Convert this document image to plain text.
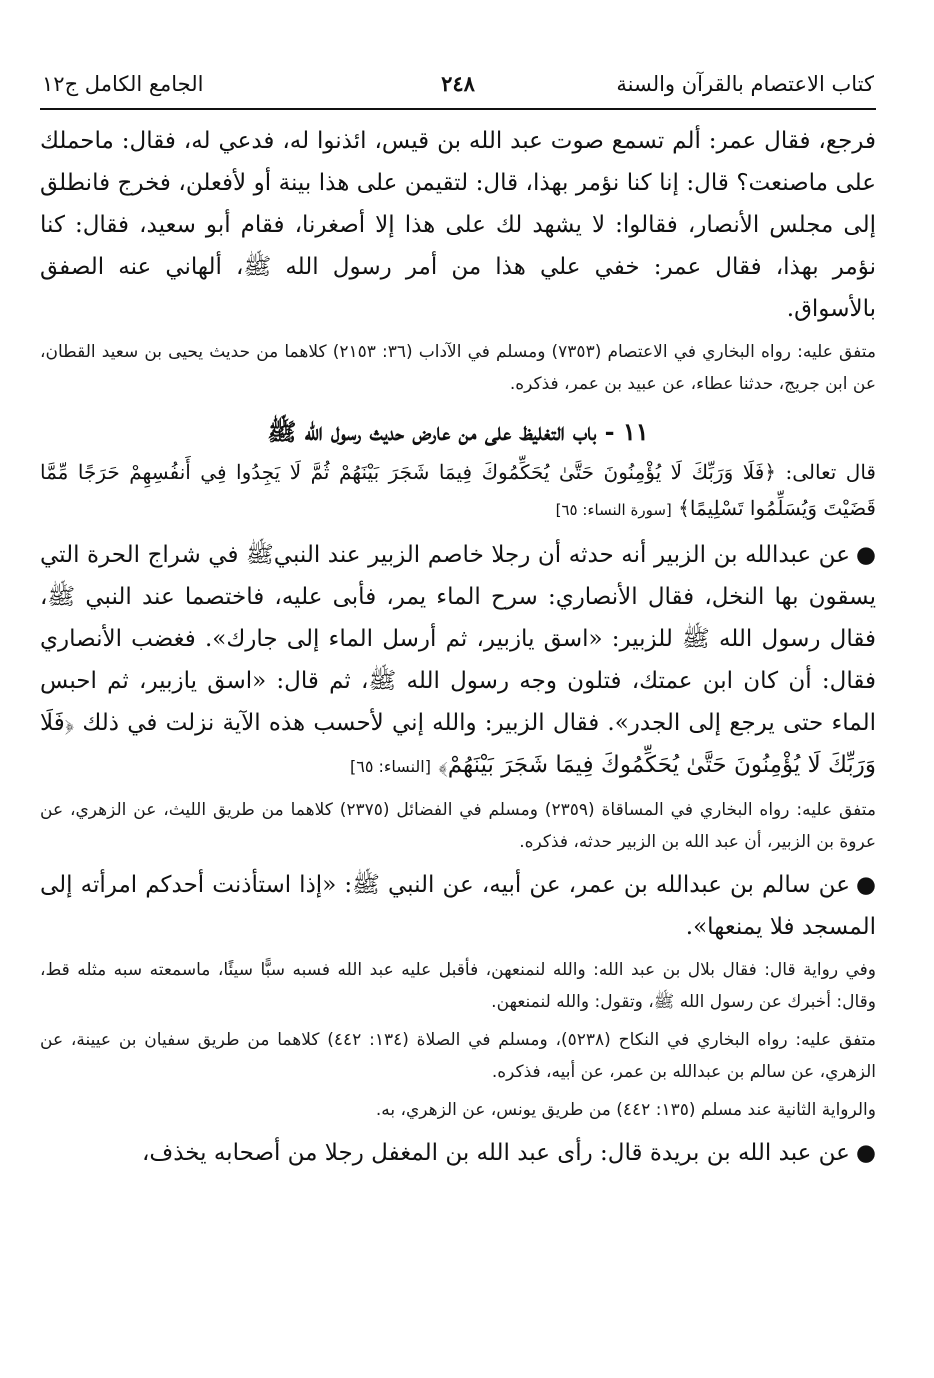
كتاب الاعتصام بالقرآن والسنة
٢٤٨
الجامع الكامل ج١٢

فرجع، فقال عمر: ألم تسمع صوت عبد الله بن قيس، ائذنوا له، فدعي له، فقال: ماحملك على ماصنعت؟ قال: إنا كنا نؤمر بهذا، قال: لتقيمن على هذا بينة أو لأفعلن، فخرج فانطلق إلى مجلس الأنصار، فقالوا: لا يشهد لك على هذا إلا أصغرنا، فقام أبو سعيد، فقال: كنا نؤمر بهذا، فقال عمر: خفي علي هذا من أمر رسول الله ﷺ، ألهاني عنه الصفق بالأسواق.

متفق عليه: رواه البخاري في الاعتصام (٧٣٥٣) ومسلم في الآداب (٣٦: ٢١٥٣) كلاهما من حديث يحيى بن سعيد القطان، عن ابن جريج، حدثنا عطاء، عن عبيد بن عمر، فذكره.
١١ - باب التغليظ على من عارض حديث رسول الله ﷺ
قال تعالى: ﴿فَلَا وَرَبِّكَ لَا يُؤْمِنُونَ حَتَّىٰ يُحَكِّمُوكَ فِيمَا شَجَرَ بَيْنَهُمْ ثُمَّ لَا يَجِدُوا فِي أَنفُسِهِمْ حَرَجًا مِّمَّا قَضَيْتَ وَيُسَلِّمُوا تَسْلِيمًا﴾ [سورة النساء: ٦٥]

●عن عبدالله بن الزبير أنه حدثه أن رجلا خاصم الزبير عند النبيﷺ في شراج الحرة التي يسقون بها النخل، فقال الأنصاري: سرح الماء يمر، فأبى عليه، فاختصما عند النبي ﷺ، فقال رسول الله ﷺ للزبير: «اسق يازبير، ثم أرسل الماء إلى جارك». فغضب الأنصاري فقال: أن كان ابن عمتك، فتلون وجه رسول الله ﷺ، ثم قال: «اسق يازبير، ثم احبس الماء حتى يرجع إلى الجدر». فقال الزبير: والله إني لأحسب هذه الآية نزلت في ذلك ﴿فَلَا وَرَبِّكَ لَا يُؤْمِنُونَ حَتَّىٰ يُحَكِّمُوكَ فِيمَا شَجَرَ بَيْنَهُمْ﴾ [النساء: ٦٥]

متفق عليه: رواه البخاري في المساقاة (٢٣٥٩) ومسلم في الفضائل (٢٣٧٥) كلاهما من طريق الليث، عن الزهري، عن عروة بن الزبير، أن عبد الله بن الزبير حدثه، فذكره.

●عن سالم بن عبدالله بن عمر، عن أبيه، عن النبي ﷺ: «إذا استأذنت أحدكم امرأته إلى المسجد فلا يمنعها».

وفي رواية قال: فقال بلال بن عبد الله: والله لنمنعهن، فأقبل عليه عبد الله فسبه سبًّا سيئًا، ماسمعته سبه مثله قط، وقال: أخبرك عن رسول الله ﷺ، وتقول: والله لنمنعهن.
متفق عليه: رواه البخاري في النكاح (٥٢٣٨)، ومسلم في الصلاة (١٣٤: ٤٤٢) كلاهما من طريق سفيان بن عيينة، عن الزهري، عن سالم بن عبدالله بن عمر، عن أبيه، فذكره.
والرواية الثانية عند مسلم (١٣٥: ٤٤٢) من طريق يونس، عن الزهري، به.

●عن عبد الله بن بريدة قال: رأى عبد الله بن المغفل رجلا من أصحابه يخذف،
